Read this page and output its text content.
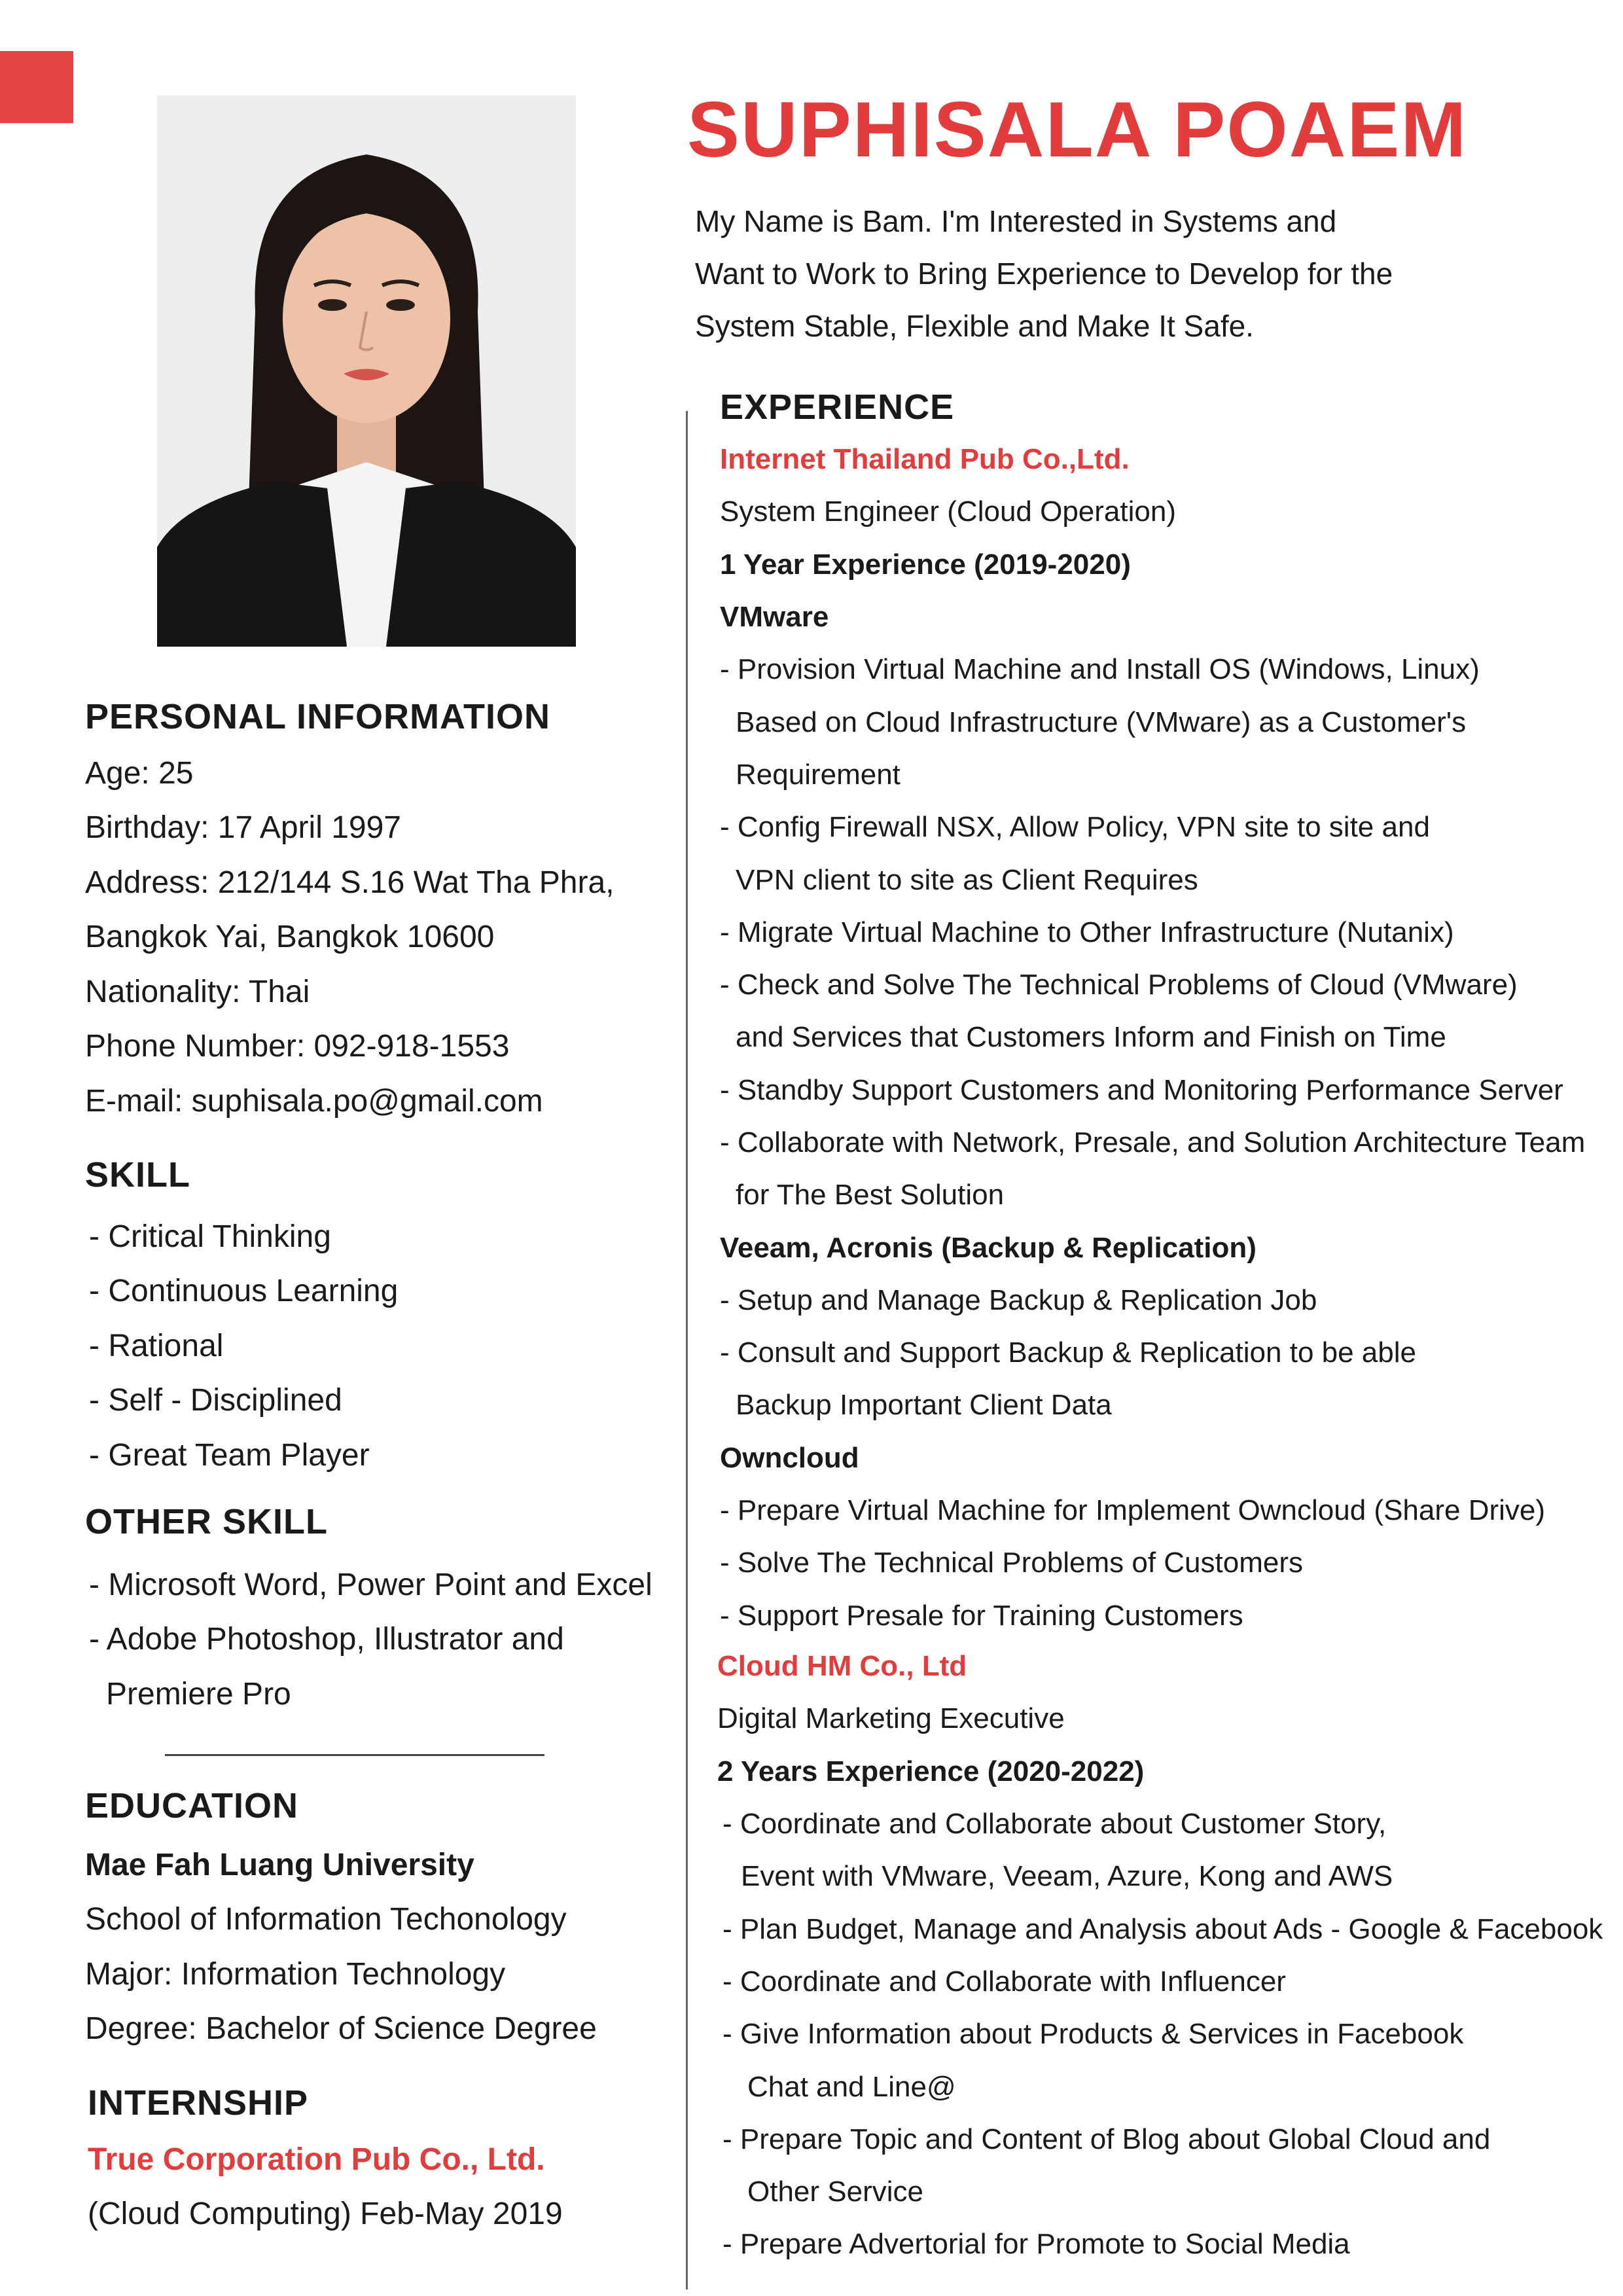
SUPHISALA POAEM
My Name is Bam. I'm Interested in Systems and
Want to Work to Bring Experience to Develop for the
System Stable, Flexible and Make It Safe.
PERSONAL INFORMATION
Age: 25
Birthday: 17 April 1997
Address: 212/144 S.16 Wat Tha Phra,
Bangkok Yai, Bangkok 10600
Nationality: Thai
Phone Number: 092-918-1553
E-mail: suphisala.po@gmail.com
SKILL
- Critical Thinking
- Continuous Learning
- Rational
- Self - Disciplined
- Great Team Player
OTHER SKILL
- Microsoft Word, Power Point and Excel
- Adobe Photoshop, Illustrator and
Premiere Pro
EDUCATION
Mae Fah Luang University
School of Information Techonology
Major: Information Technology
Degree: Bachelor of Science Degree
INTERNSHIP
True Corporation Pub Co., Ltd.
(Cloud Computing) Feb-May 2019
EXPERIENCE
Internet Thailand Pub Co.,Ltd.
System Engineer (Cloud Operation)
1 Year Experience (2019-2020)
VMware
- Provision Virtual Machine and Install OS (Windows, Linux)
Based on Cloud Infrastructure (VMware) as a Customer's
Requirement
- Config Firewall NSX, Allow Policy, VPN site to site and
VPN client to site as Client Requires
- Migrate Virtual Machine to Other Infrastructure (Nutanix)
- Check and Solve The Technical Problems of Cloud (VMware)
and Services that Customers Inform and Finish on Time
- Standby Support Customers and Monitoring Performance Server
- Collaborate with Network, Presale, and Solution Architecture Team
for The Best Solution
Veeam, Acronis (Backup & Replication)
- Setup and Manage Backup & Replication Job
- Consult and Support Backup & Replication to be able
Backup Important Client Data
Owncloud
- Prepare Virtual Machine for Implement Owncloud (Share Drive)
- Solve The Technical Problems of Customers
- Support Presale for Training Customers
Cloud HM Co., Ltd
Digital Marketing Executive
2 Years Experience (2020-2022)
- Coordinate and Collaborate about Customer Story,
Event with VMware, Veeam, Azure, Kong and AWS
- Plan Budget, Manage and Analysis about Ads - Google & Facebook
- Coordinate and Collaborate with Influencer
- Give Information about Products & Services in Facebook
Chat and Line@
- Prepare Topic and Content of Blog about Global Cloud and
Other Service
- Prepare Advertorial for Promote to Social Media
